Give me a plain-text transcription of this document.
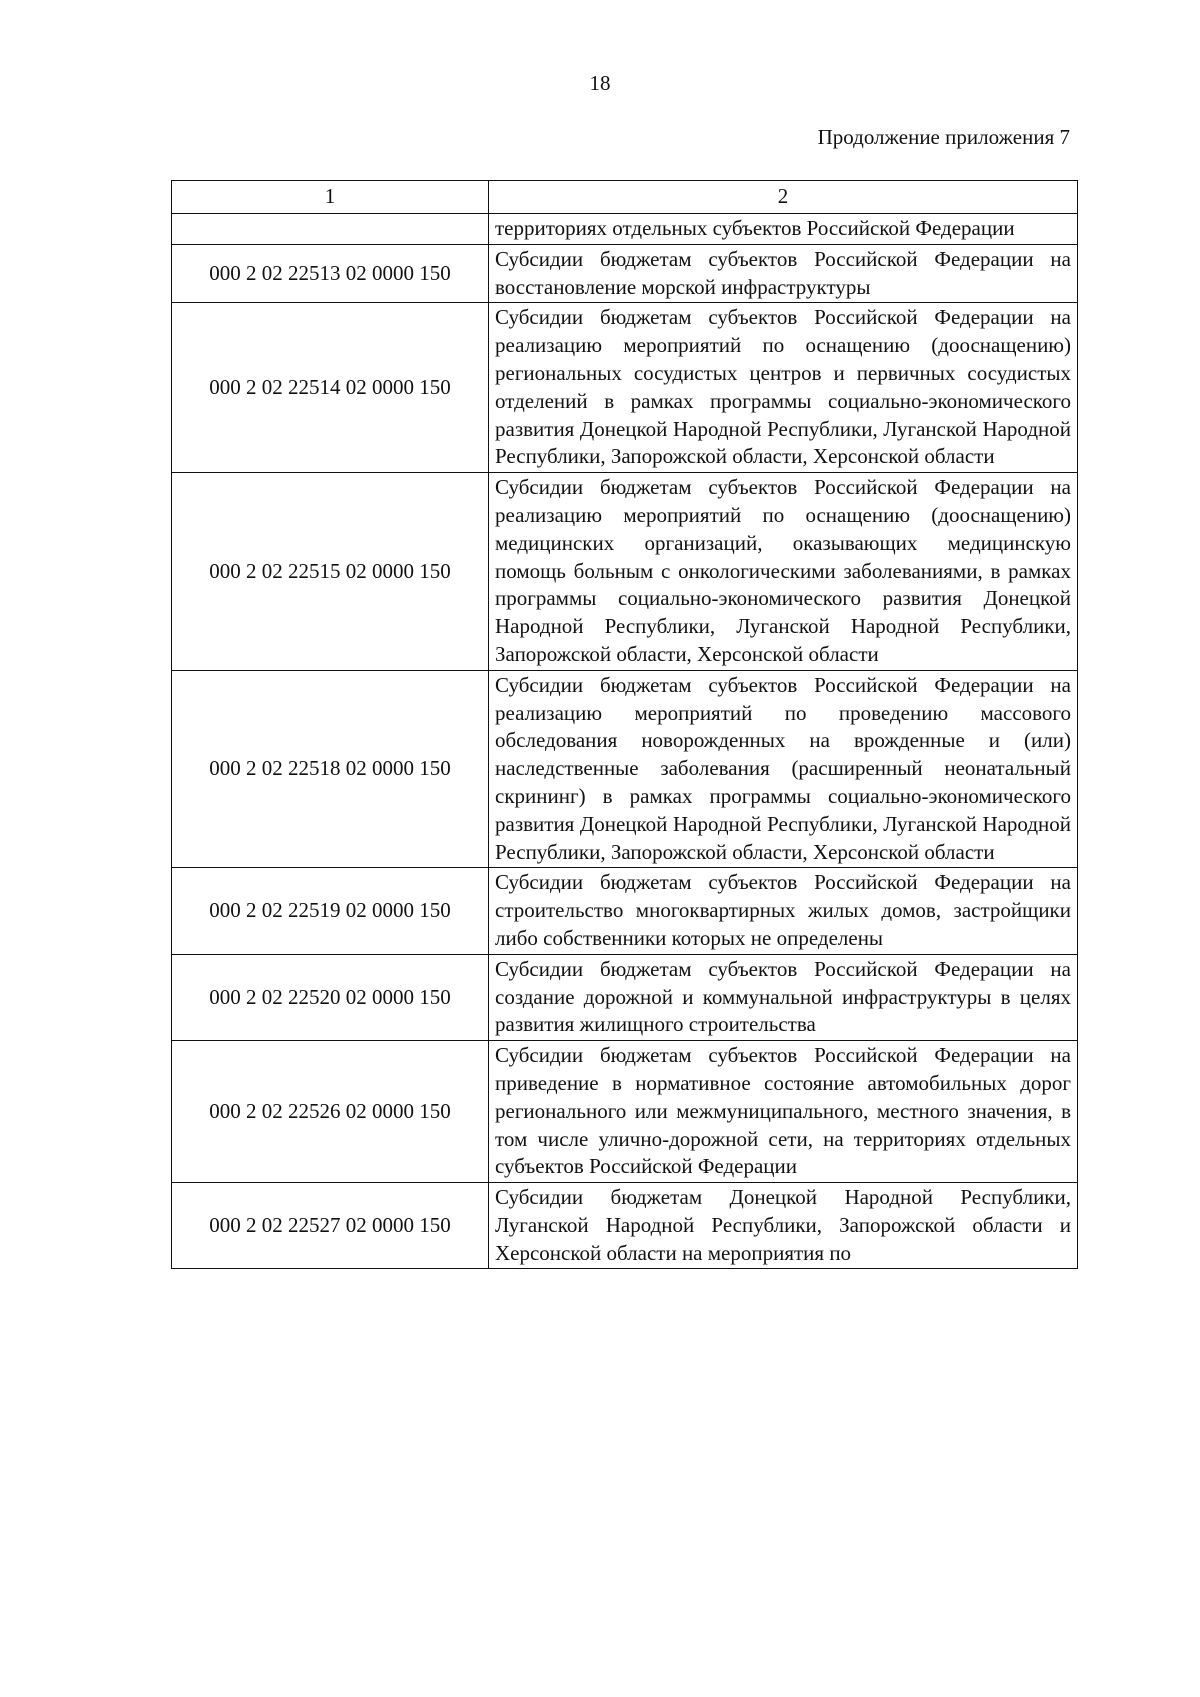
18
Продолжение приложения 7
1	2
	территориях отдельных субъектов Российской Федерации
000 2 02 22513 02 0000 150	Субсидии бюджетам субъектов Российской Федерации на восстановление морской инфраструктуры
000 2 02 22514 02 0000 150	Субсидии бюджетам субъектов Российской Федерации на реализацию мероприятий по оснащению (дооснащению) региональных сосудистых центров и первичных сосудистых отделений в рамках программы социально-экономического развития Донецкой Народной Республики, Луганской Народной Республики, Запорожской области, Херсонской области
000 2 02 22515 02 0000 150	Субсидии бюджетам субъектов Российской Федерации на реализацию мероприятий по оснащению (дооснащению) медицинских организаций, оказывающих медицинскую помощь больным с онкологическими заболеваниями, в рамках программы социально-экономического развития Донецкой Народной Республики, Луганской Народной Республики, Запорожской области, Херсонской области
000 2 02 22518 02 0000 150	Субсидии бюджетам субъектов Российской Федерации на реализацию мероприятий по проведению массового обследования новорожденных на врожденные и (или) наследственные заболевания (расширенный неонатальный скрининг) в рамках программы социально-экономического развития Донецкой Народной Республики, Луганской Народной Республики, Запорожской области, Херсонской области
000 2 02 22519 02 0000 150	Субсидии бюджетам субъектов Российской Федерации на строительство многоквартирных жилых домов, застройщики либо собственники которых не определены
000 2 02 22520 02 0000 150	Субсидии бюджетам субъектов Российской Федерации на создание дорожной и коммунальной инфраструктуры в целях развития жилищного строительства
000 2 02 22526 02 0000 150	Субсидии бюджетам субъектов Российской Федерации на приведение в нормативное состояние автомобильных дорог регионального или межмуниципального, местного значения, в том числе улично-дорожной сети, на территориях отдельных субъектов Российской Федерации
000 2 02 22527 02 0000 150	Субсидии бюджетам Донецкой Народной Республики, Луганской Народной Республики, Запорожской области и Херсонской области на мероприятия по
